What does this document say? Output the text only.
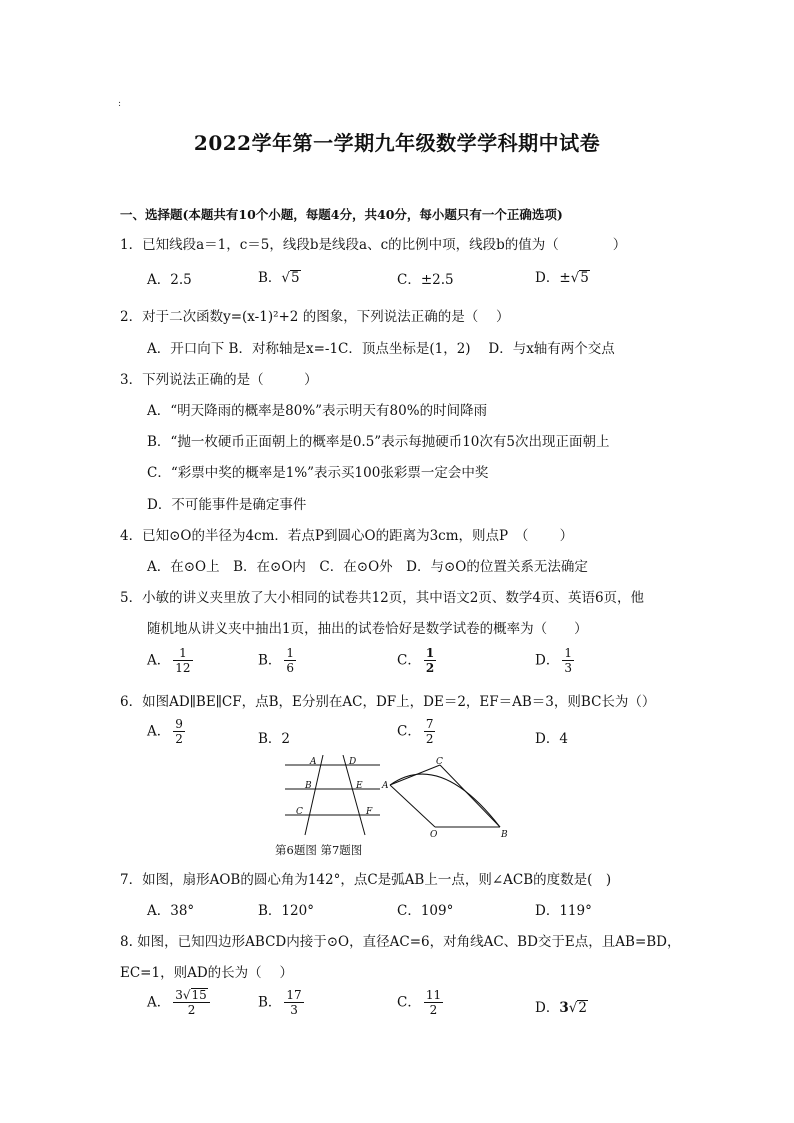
:
2022学年第一学期九年级数学学科期中试卷
一、选择题(本题共有10个小题，每题4分，共40分，每小题只有一个正确选项)
1．已知线段a＝1，c＝5，线段b是线段a、c的比例中项，线段b的值为（　　　　）
A．2.5	B．√5	C．±2.5	D．±√5
2．对于二次函数y=(x-1)²+2 的图象，下列说法正确的是（　 ）
A．开口向下 B．对称轴是x=-1C．顶点坐标是(1，2)　 D．与x轴有两个交点
3．下列说法正确的是（　　　）
A．“明天降雨的概率是80%”表示明天有80%的时间降雨
B．“抛一枚硬币正面朝上的概率是0.5”表示每抛硬币10次有5次出现正面朝上
C．“彩票中奖的概率是1%”表示买100张彩票一定会中奖
D．不可能事件是确定事件
4．已知⊙O的半径为4cm．若点P到圆心O的距离为3cm，则点P　（　　 ）
A．在⊙O上　B．在⊙O内　C．在⊙O外　D．与⊙O的位置关系无法确定
5．小敏的讲义夹里放了大小相同的试卷共12页，其中语文2页、数学4页、英语6页，他
随机地从讲义夹中抽出1页，抽出的试卷恰好是数学试卷的概率为（　　）
A． $\frac{1}{12}$	B． $\frac{1}{6}$	C． $\frac{1}{2}$	D． $\frac{1}{3}$
6．如图AD∥BE∥CF，点B，E分别在AC，DF上，DE＝2，EF＝AB＝3，则BC长为（）
A． $\frac{9}{2}$	B．2	C． $\frac{7}{2}$	D．4
A
B
C
D
E
F
A
B
C
O
第6题图 第7题图
7．如图，扇形AOB的圆心角为142°，点C是弧AB上一点，则∠ACB的度数是(　)
A．38°	B．120°	C．109°	D．119°
8. 如图，已知四边形ABCD内接于⊙O，直径AC=6，对角线AC、BD交于E点，且AB=BD，
EC=1，则AD的长为（　 ）
A． $\frac{3√15}{2}$	B． $\frac{17}{3}$	C． $\frac{11}{2}$	D．3√2
